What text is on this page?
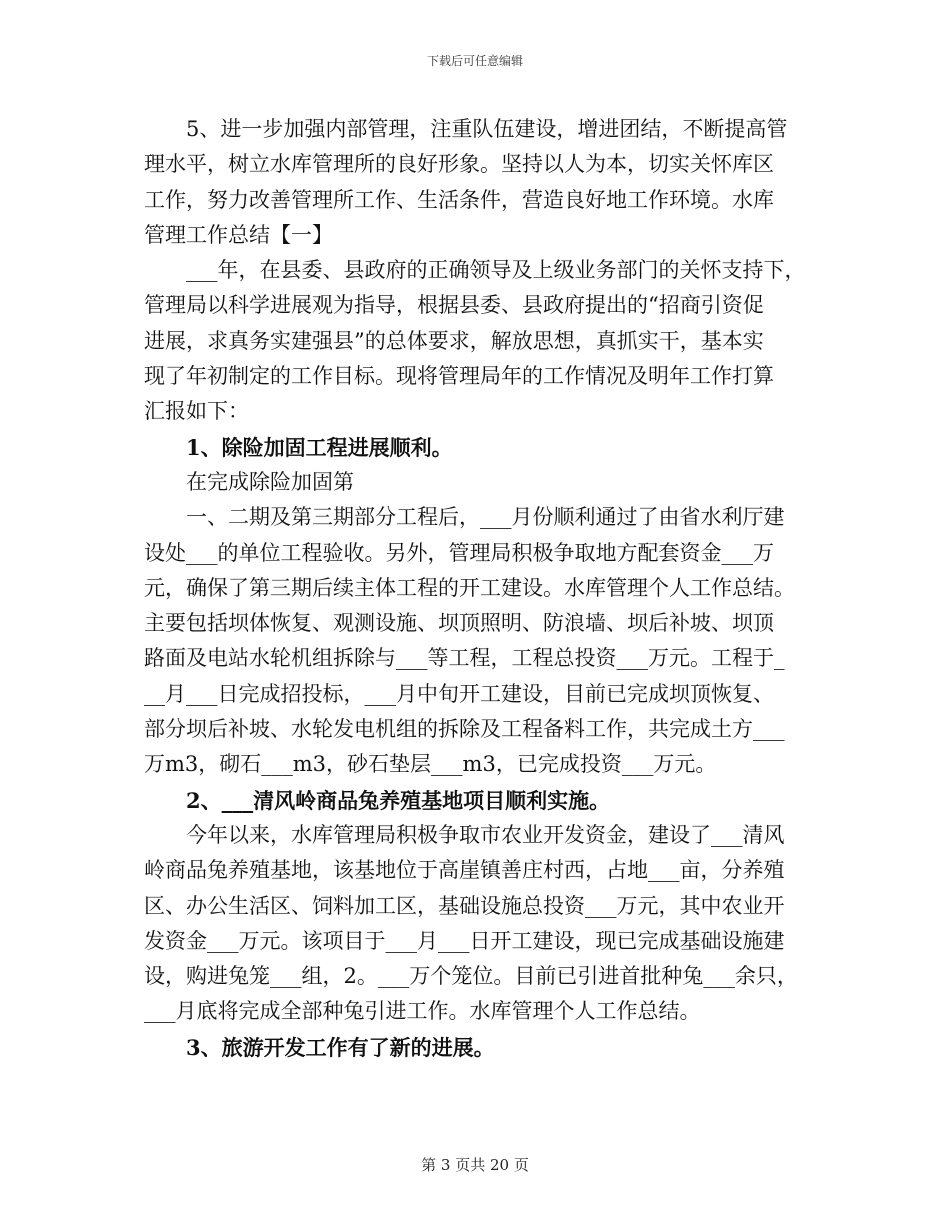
下载后可任意编辑
5、进一步加强内部管理，注重队伍建设，增进团结，不断提高管
理水平，树立水库管理所的良好形象。坚持以人为本，切实关怀库区
工作，努力改善管理所工作、生活条件，营造良好地工作环境。水库
管理工作总结【一】
___年，在县委、县政府的正确领导及上级业务部门的关怀支持下，
管理局以科学进展观为指导，根据县委、县政府提出的“招商引资促
进展，求真务实建强县”的总体要求，解放思想，真抓实干，基本实
现了年初制定的工作目标。现将管理局年的工作情况及明年工作打算
汇报如下：
1、除险加固工程进展顺利。
在完成除险加固第
一、二期及第三期部分工程后，___月份顺利通过了由省水利厅建
设处___的单位工程验收。另外，管理局积极争取地方配套资金___万
元，确保了第三期后续主体工程的开工建设。水库管理个人工作总结。
主要包括坝体恢复、观测设施、坝顶照明、防浪墙、坝后补坡、坝顶
路面及电站水轮机组拆除与___等工程，工程总投资___万元。工程于_
__月___日完成招投标，___月中旬开工建设，目前已完成坝顶恢复、
部分坝后补坡、水轮发电机组的拆除及工程备料工作，共完成土方___
万m3，砌石___m3，砂石垫层___m3，已完成投资___万元。
2、___清风岭商品兔养殖基地项目顺利实施。
今年以来，水库管理局积极争取市农业开发资金，建设了___清风
岭商品兔养殖基地，该基地位于高崖镇善庄村西，占地___亩，分养殖
区、办公生活区、饲料加工区，基础设施总投资___万元，其中农业开
发资金___万元。该项目于___月___日开工建设，现已完成基础设施建
设，购进兔笼___组，2。___万个笼位。目前已引进首批种兔___余只，
___月底将完成全部种兔引进工作。水库管理个人工作总结。
3、旅游开发工作有了新的进展。
第 3 页共 20 页
